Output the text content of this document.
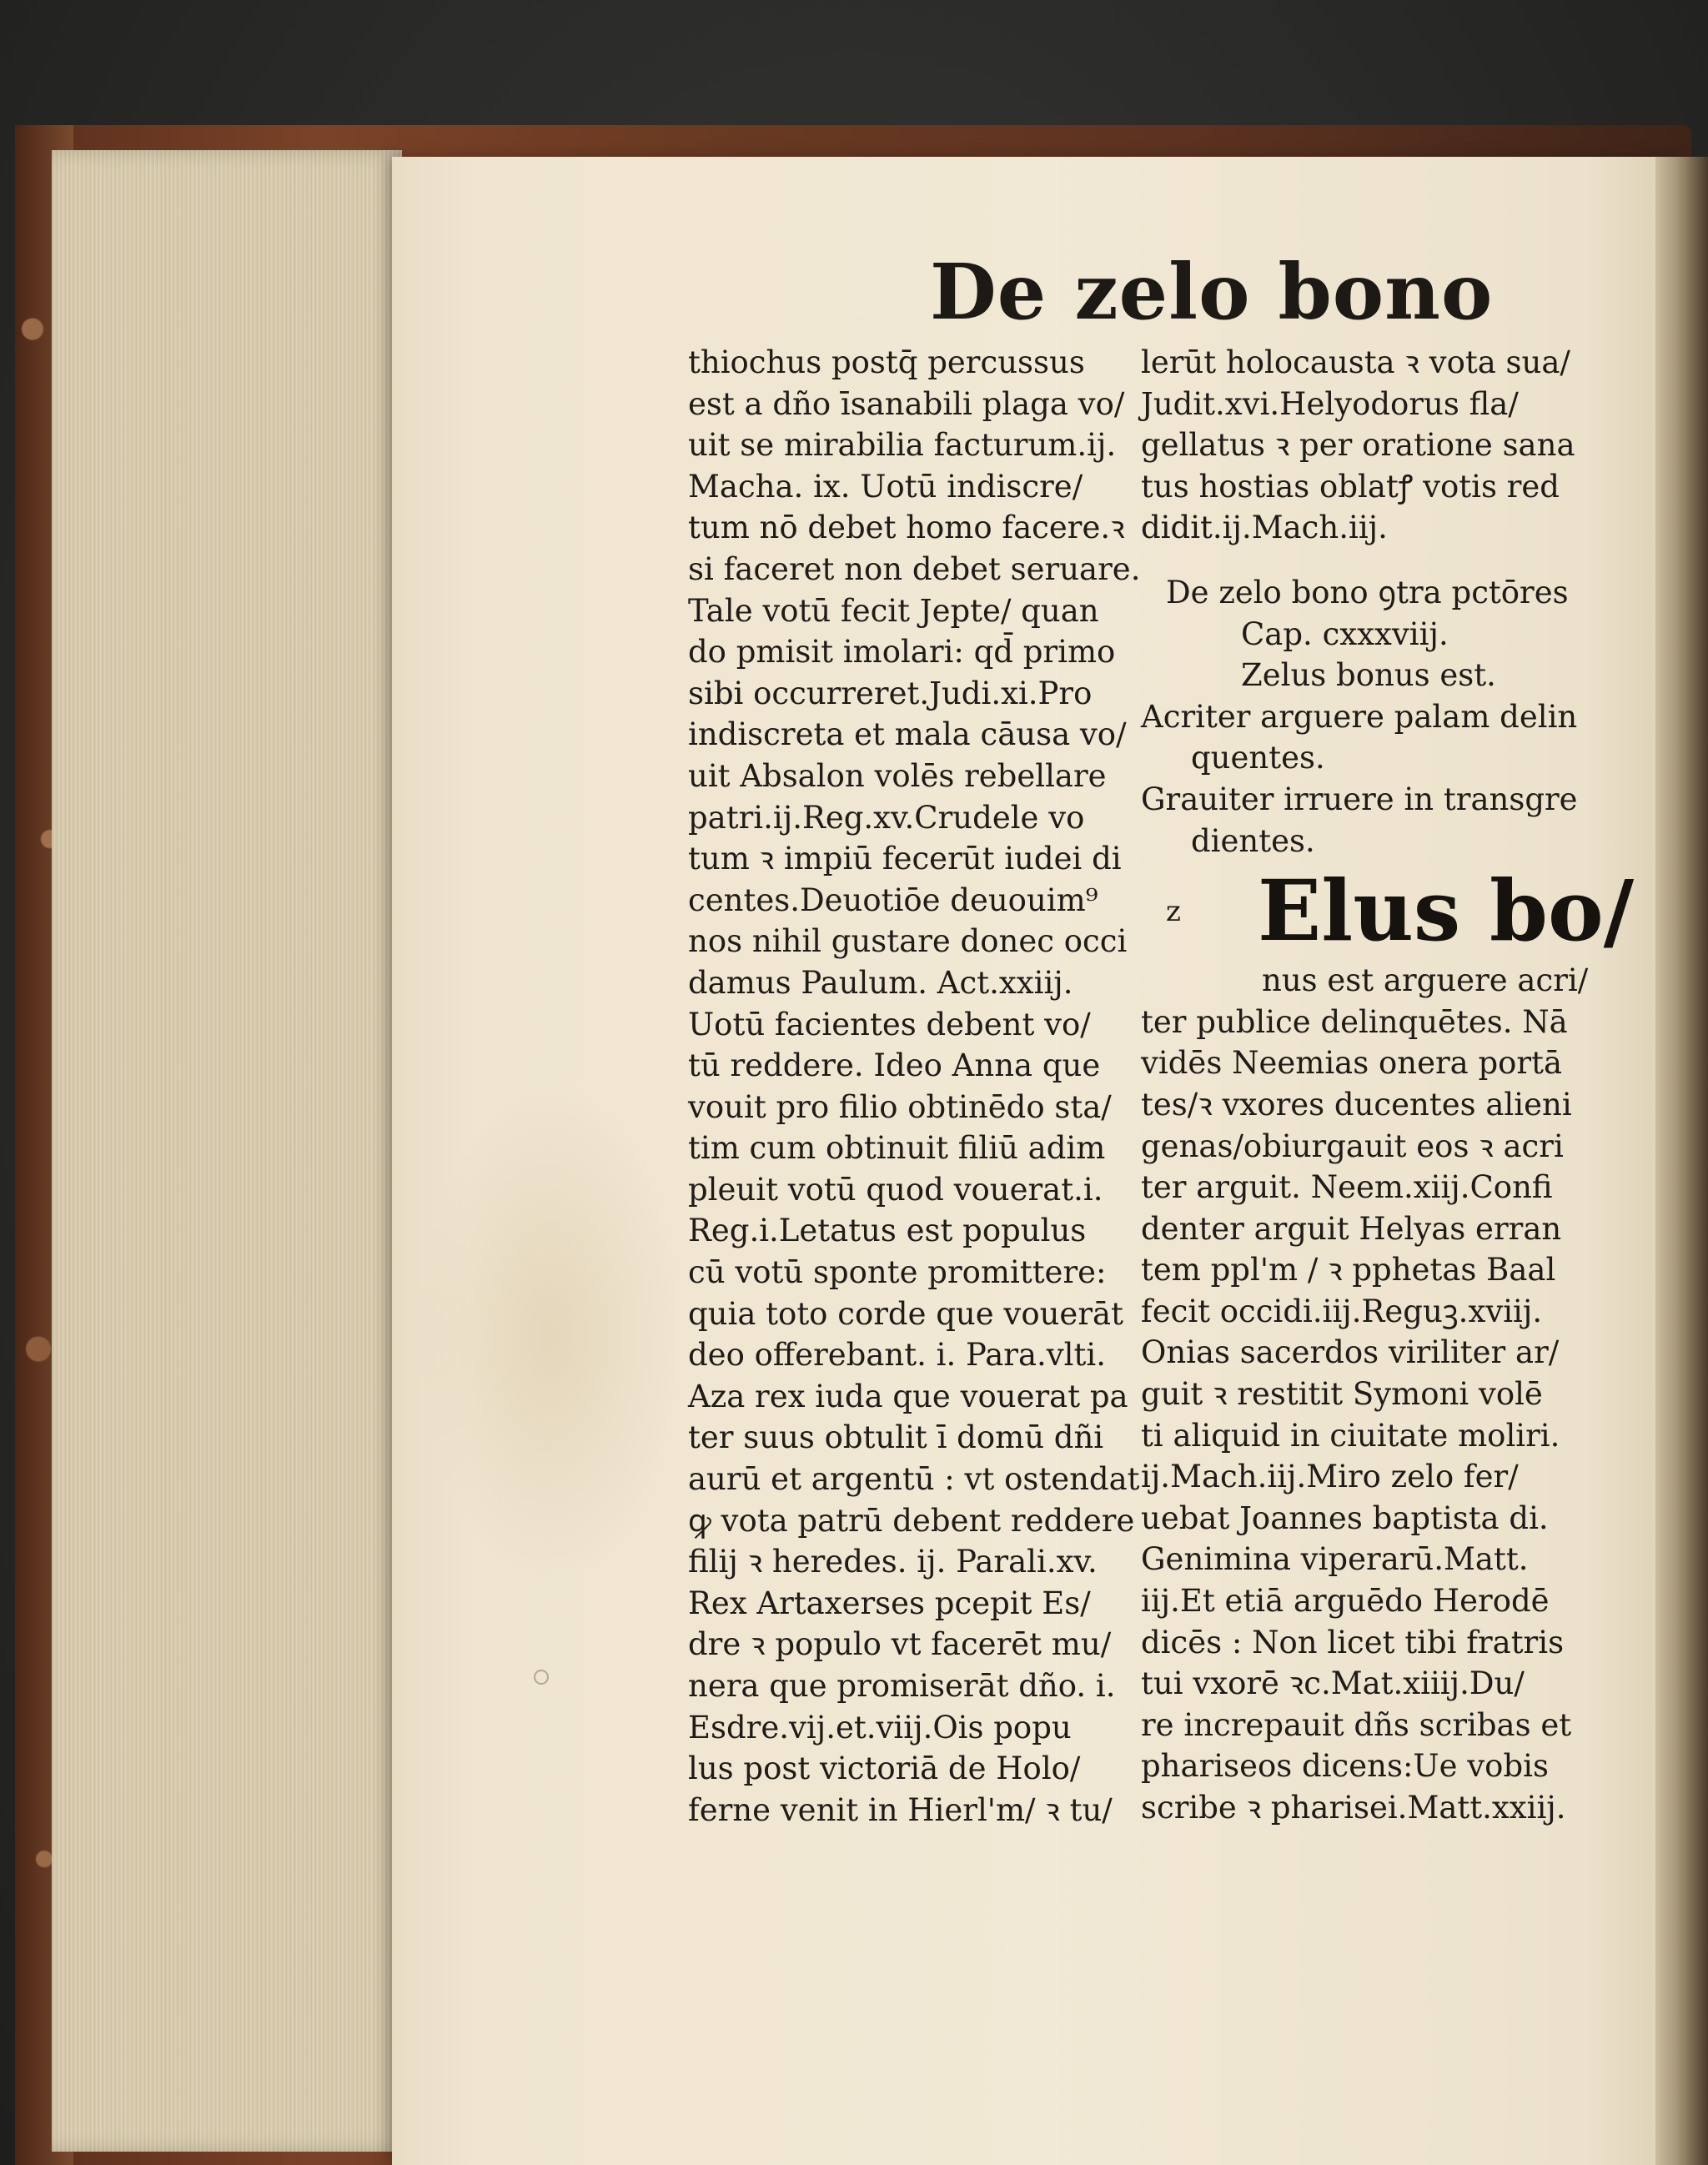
De zelo bono
thiochus postq̄ percussus
est a dño īsanabili plaga vo/
uit se mirabilia facturum.ij.
Macha. ix. Uotū indiscre/
tum nō debet homo facere.ꝛ
si faceret non debet seruare.
Tale votū fecit Jepte/ quan
do pmisit imolari: qd̄ primo
sibi occurreret.Judi.xi.Pro
indiscreta et mala cāusa vo/
uit Absalon volēs rebellare
patri.ij.Reg.xv.Crudele vo
tum ꝛ impiū fecerūt iudei di
centes.Deuotiōe deuouim⁹
nos nihil gustare donec occi
damus Paulum. Act.xxiij.
Uotū facientes debent vo/
tū reddere. Ideo Anna que
vouit pro filio obtinēdo sta/
tim cum obtinuit filiū adim
pleuit votū quod vouerat.i.
Reg.i.Letatus est populus
cū votū sponte promittere:
quia toto corde que vouerāt
deo offerebant. i. Para.vlti.
Aza rex iuda que vouerat pa
ter suus obtulit ī domū dñi
aurū et argentū : vt ostendat
ꝙ vota patrū debent reddere
filij ꝛ heredes. ij. Parali.xv.
Rex Artaxerses pcepit Es/
dre ꝛ populo vt facerēt mu/
nera que promiserāt dño. i.
Esdre.vij.et.viij.Ois popu
lus post victoriā de Holo/
ferne venit in Hierl'm/ ꝛ tu/
lerūt holocausta ꝛ vota sua/
Judit.xvi.Helyodorus fla/
gellatus ꝛ per oratione sana
tus hostias oblatꝭ votis red
didit.ij.Mach.iij.
De zelo bono ꝯtra pctōres
Cap. cxxxviij.
Zelus bonus est.
Acriter arguere palam delin
quentes.
Grauiter irruere in transgre
dientes.
z Elus bo/
nus est arguere acri/
ter publice delinquētes. Nā
vidēs Neemias onera portā
tes/ꝛ vxores ducentes alieni
genas/obiurgauit eos ꝛ acri
ter arguit. Neem.xiij.Confi
denter arguit Helyas erran
tem ppl'm / ꝛ pphetas Baal
fecit occidi.iij.Reguꝫ.xviij.
Onias sacerdos viriliter ar/
guit ꝛ restitit Symoni volē
ti aliquid in ciuitate moliri.
ij.Mach.iij.Miro zelo fer/
uebat Joannes baptista di.
Genimina viperarū.Matt.
iij.Et etiā arguēdo Herodē
dicēs : Non licet tibi fratris
tui vxorē ꝛc.Mat.xiiij.Du/
re increpauit dñs scribas et
phariseos dicens:Ue vobis
scribe ꝛ pharisei.Matt.xxiij.
